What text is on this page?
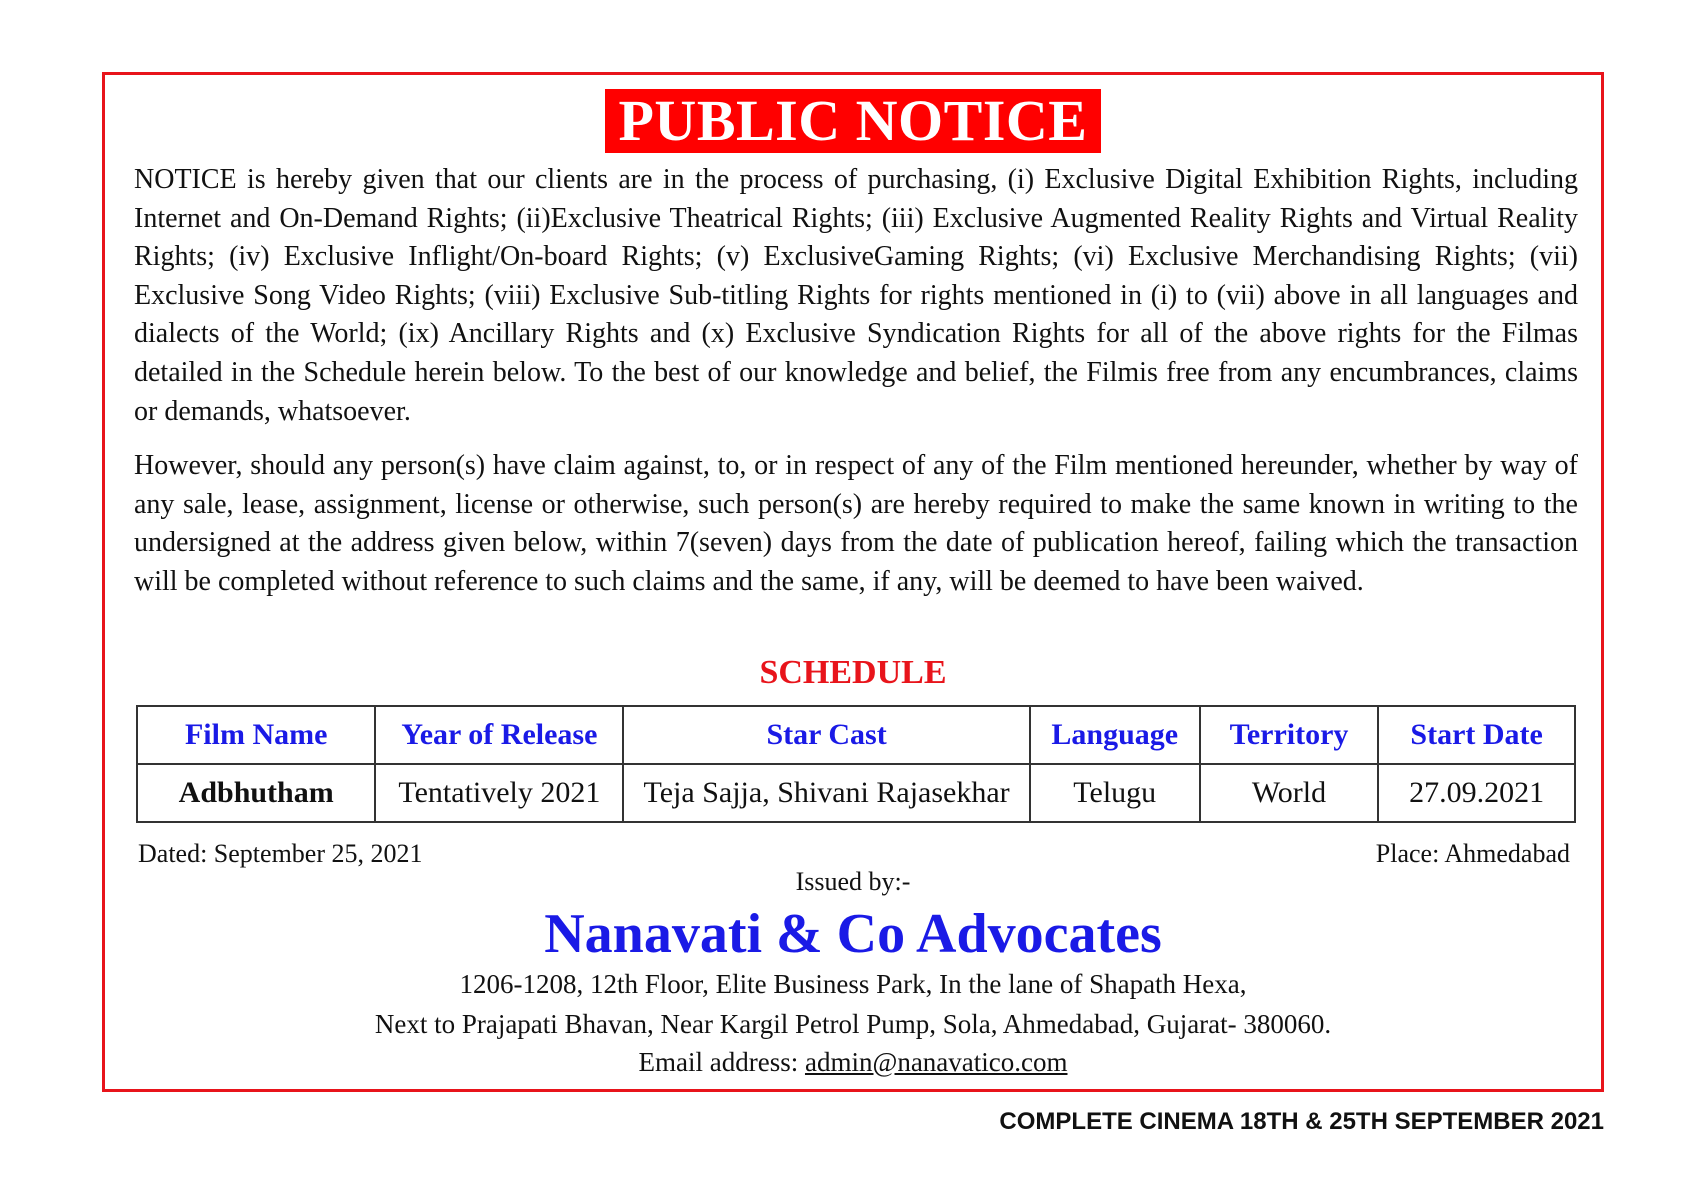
PUBLIC NOTICE

NOTICE is hereby given that our clients are in the process of purchasing, (i) Exclusive Digital Exhibition Rights, including Internet and On-Demand Rights; (ii)Exclusive Theatrical Rights; (iii) Exclusive Augmented Reality Rights and Virtual Reality Rights; (iv) Exclusive Inflight/On-board Rights; (v) ExclusiveGaming Rights; (vi) Exclusive Merchandising Rights; (vii) Exclusive Song Video Rights; (viii) Exclusive Sub-titling Rights for rights mentioned in (i) to (vii) above in all languages and dialects of the World; (ix) Ancillary Rights and (x) Exclusive Syndication Rights for all of the above rights for the Filmas detailed in the Schedule herein below. To the best of our knowledge and belief, the Filmis free from any encumbrances, claims or demands, whatsoever.

However, should any person(s) have claim against, to, or in respect of any of the Film mentioned hereunder, whether by way of any sale, lease, assignment, license or otherwise, such person(s) are hereby required to make the same known in writing to the undersigned at the address given below, within 7(seven) days from the date of publication hereof, failing which the transaction will be completed without reference to such claims and the same, if any, will be deemed to have been waived.

SCHEDULE
Film Name	Year of Release	Star Cast	Language	Territory	Start Date
Adbhutham	Tentatively 2021	Teja Sajja, Shivani Rajasekhar	Telugu	World	27.09.2021
Dated: September 25, 2021	Place: Ahmedabad
Issued by:-
Nanavati & Co Advocates
1206-1208, 12th Floor, Elite Business Park, In the lane of Shapath Hexa,
Next to Prajapati Bhavan, Near Kargil Petrol Pump, Sola, Ahmedabad, Gujarat- 380060.
Email address: admin@nanavatico.com
COMPLETE CINEMA 18TH & 25TH SEPTEMBER 2021
